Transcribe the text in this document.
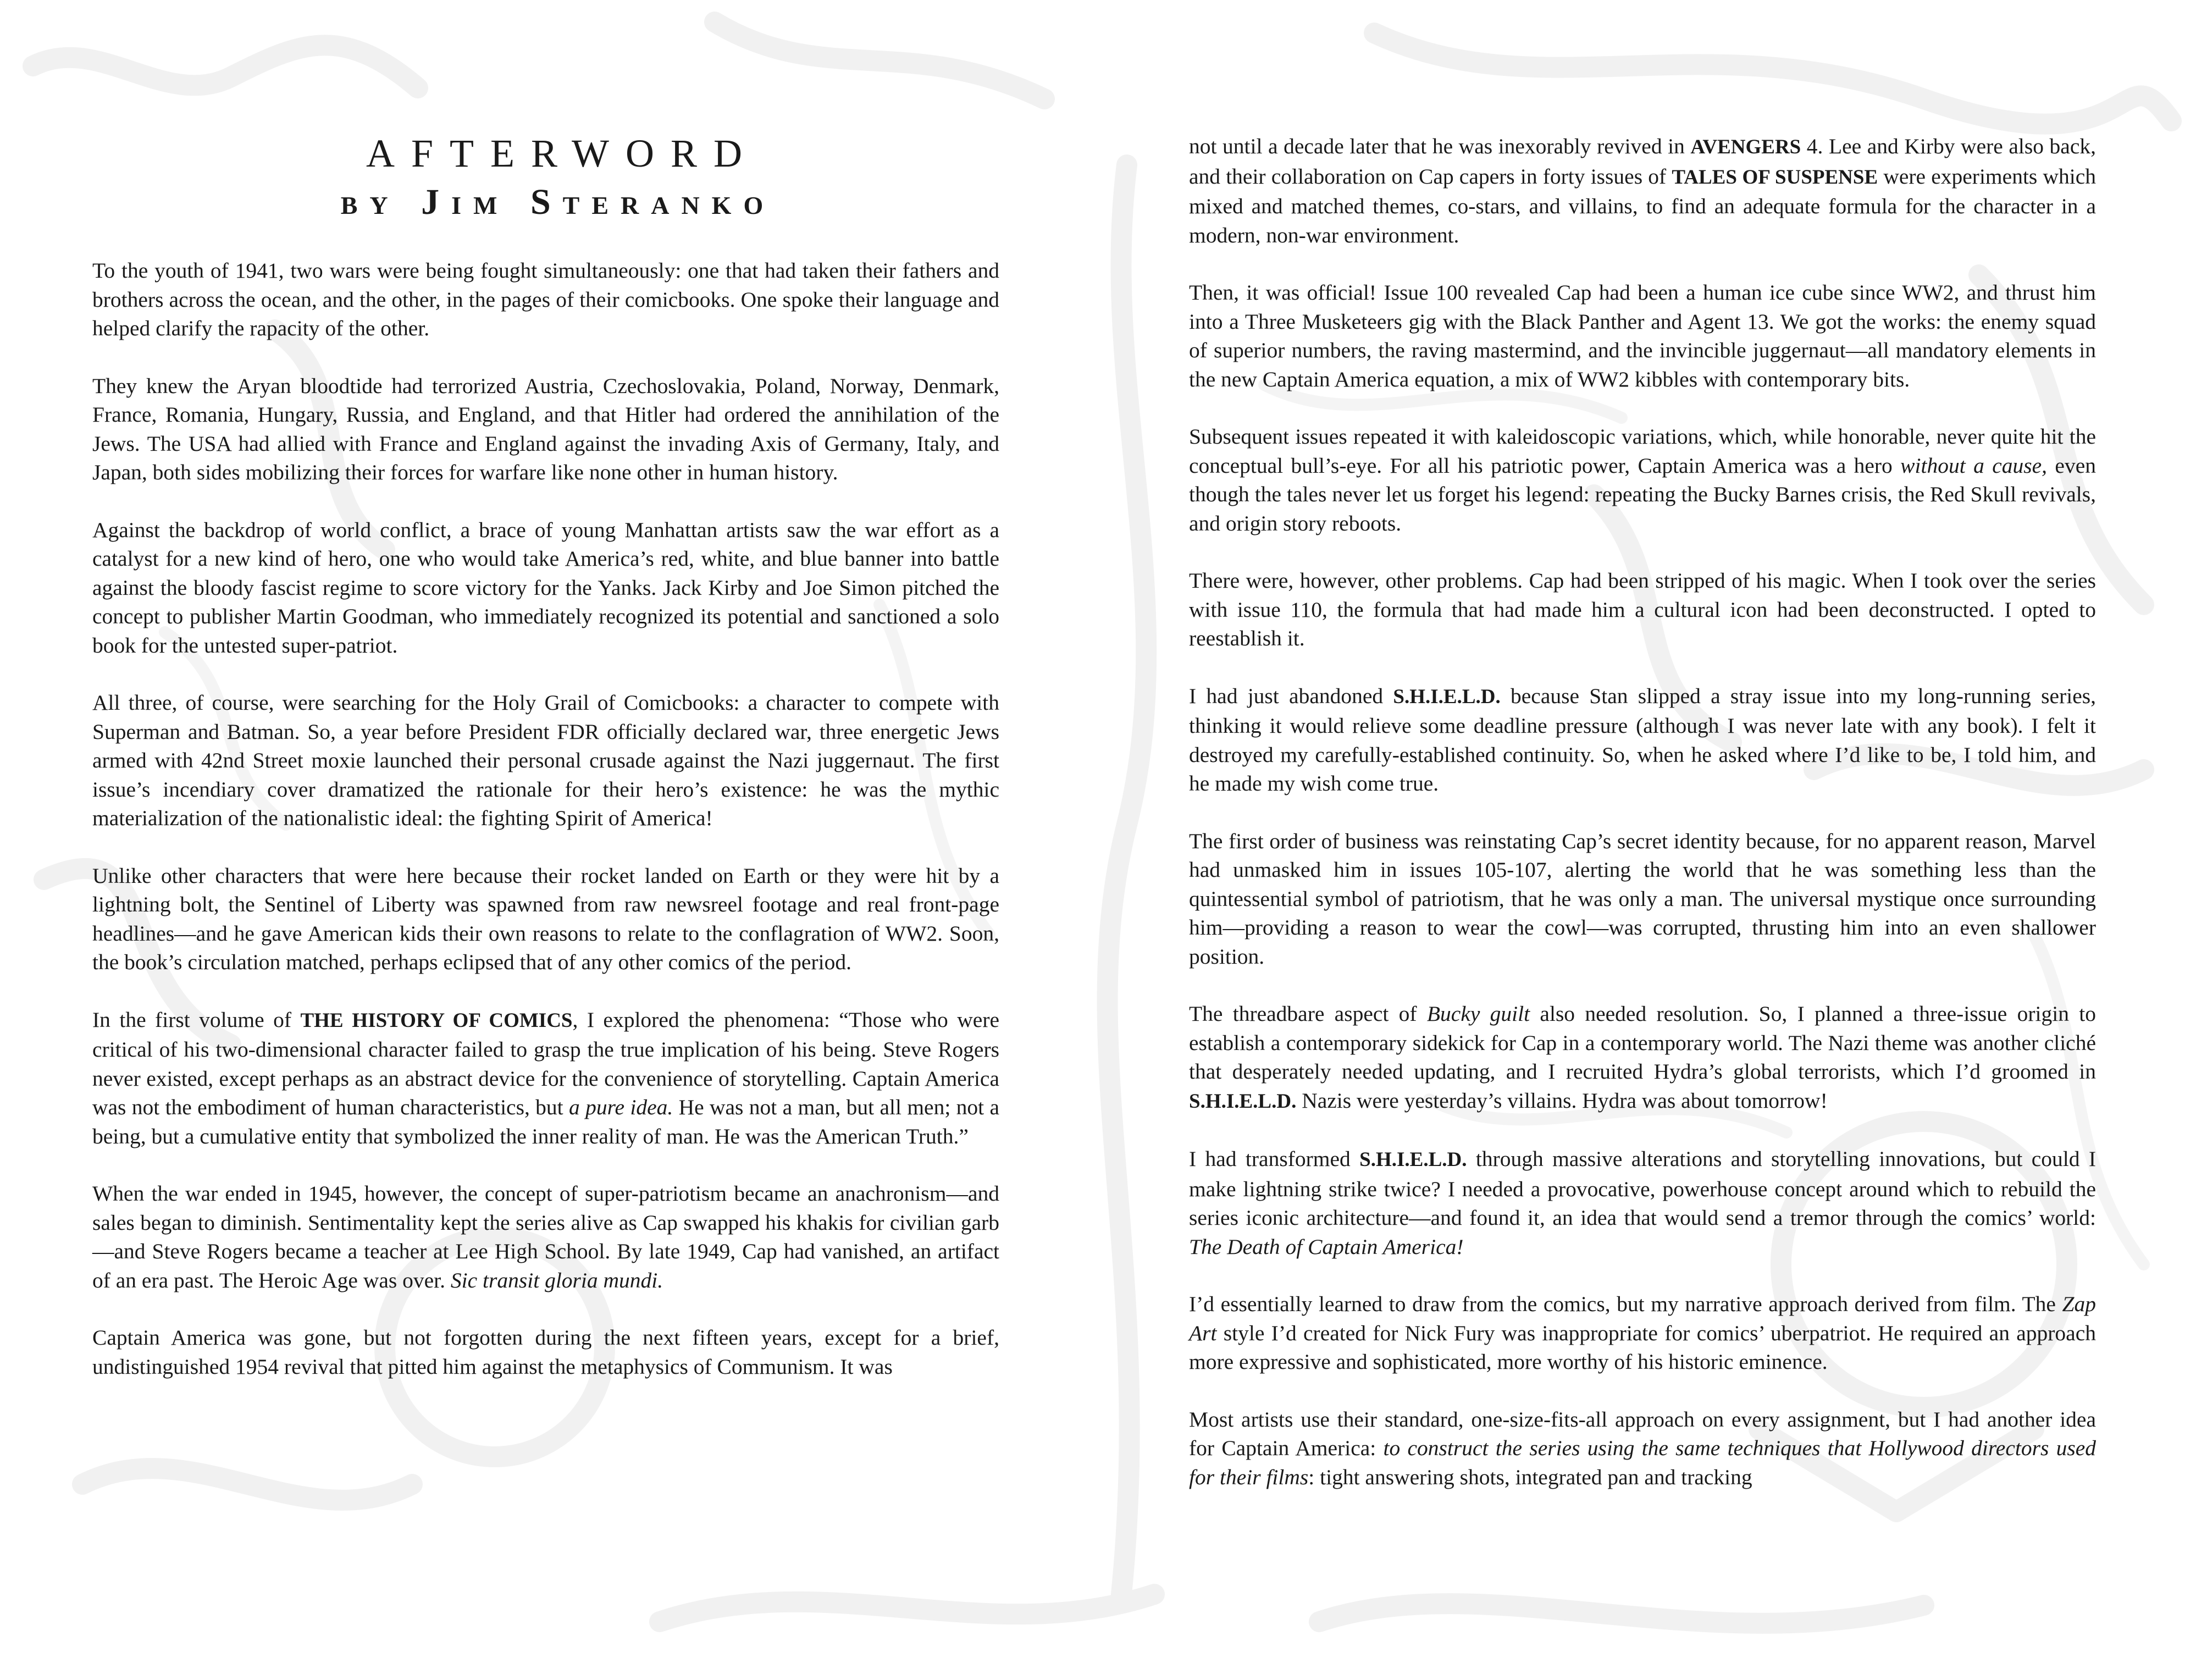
AFTERWORD
by Jim Steranko

To the youth of 1941, two wars were being fought simultaneously: one that had taken their fathers and brothers across the ocean, and the other, in the pages of their comicbooks. One spoke their language and helped clarify the rapacity of the other.

They knew the Aryan bloodtide had terrorized Austria, Czechoslovakia, Poland, Norway, Denmark, France, Romania, Hungary, Russia, and England, and that Hitler had ordered the annihilation of the Jews. The USA had allied with France and England against the invading Axis of Germany, Italy, and Japan, both sides mobilizing their forces for warfare like none other in human history.

Against the backdrop of world conflict, a brace of young Manhattan artists saw the war effort as a catalyst for a new kind of hero, one who would take America’s red, white, and blue banner into battle against the bloody fascist regime to score victory for the Yanks. Jack Kirby and Joe Simon pitched the concept to publisher Martin Goodman, who immediately recognized its potential and sanctioned a solo book for the untested super-patriot.

All three, of course, were searching for the Holy Grail of Comicbooks: a character to compete with Superman and Batman. So, a year before President FDR officially declared war, three energetic Jews armed with 42nd Street moxie launched their personal crusade against the Nazi juggernaut. The first issue’s incendiary cover dramatized the rationale for their hero’s existence: he was the mythic materialization of the nationalistic ideal: the fighting Spirit of America!

Unlike other characters that were here because their rocket landed on Earth or they were hit by a lightning bolt, the Sentinel of Liberty was spawned from raw newsreel footage and real front-page headlines—and he gave American kids their own reasons to relate to the conflagration of WW2. Soon, the book’s circulation matched, perhaps eclipsed that of any other comics of the period.

In the first volume of THE HISTORY OF COMICS, I explored the phenomena: “Those who were critical of his two-dimensional character failed to grasp the true implication of his being. Steve Rogers never existed, except perhaps as an abstract device for the convenience of storytelling. Captain America was not the embodiment of human characteristics, but a pure idea. He was not a man, but all men; not a being, but a cumulative entity that symbolized the inner reality of man. He was the American Truth.”

When the war ended in 1945, however, the concept of super-patriotism became an anachronism—and sales began to diminish. Sentimentality kept the series alive as Cap swapped his khakis for civilian garb—and Steve Rogers became a teacher at Lee High School. By late 1949, Cap had vanished, an artifact of an era past. The Heroic Age was over. Sic transit gloria mundi.

Captain America was gone, but not forgotten during the next fifteen years, except for a brief, undistinguished 1954 revival that pitted him against the metaphysics of Communism. It was

not until a decade later that he was inexorably revived in AVENGERS 4. Lee and Kirby were also back, and their collaboration on Cap capers in forty issues of TALES OF SUSPENSE were experiments which mixed and matched themes, co-stars, and villains, to find an adequate formula for the character in a modern, non-war environment.

Then, it was official! Issue 100 revealed Cap had been a human ice cube since WW2, and thrust him into a Three Musketeers gig with the Black Panther and Agent 13. We got the works: the enemy squad of superior numbers, the raving mastermind, and the invincible juggernaut—all mandatory elements in the new Captain America equation, a mix of WW2 kibbles with contemporary bits.

Subsequent issues repeated it with kaleidoscopic variations, which, while honorable, never quite hit the conceptual bull’s-eye. For all his patriotic power, Captain America was a hero without a cause, even though the tales never let us forget his legend: repeating the Bucky Barnes crisis, the Red Skull revivals, and origin story reboots.

There were, however, other problems. Cap had been stripped of his magic. When I took over the series with issue 110, the formula that had made him a cultural icon had been deconstructed. I opted to reestablish it.

I had just abandoned S.H.I.E.L.D. because Stan slipped a stray issue into my long-running series, thinking it would relieve some deadline pressure (although I was never late with any book). I felt it destroyed my carefully-established continuity. So, when he asked where I’d like to be, I told him, and he made my wish come true.

The first order of business was reinstating Cap’s secret identity because, for no apparent reason, Marvel had unmasked him in issues 105-107, alerting the world that he was something less than the quintessential symbol of patriotism, that he was only a man. The universal mystique once surrounding him—providing a reason to wear the cowl—was corrupted, thrusting him into an even shallower position.

The threadbare aspect of Bucky guilt also needed resolution. So, I planned a three-issue origin to establish a contemporary sidekick for Cap in a contemporary world. The Nazi theme was another cliché that desperately needed updating, and I recruited Hydra’s global terrorists, which I’d groomed in S.H.I.E.L.D. Nazis were yesterday’s villains. Hydra was about tomorrow!

I had transformed S.H.I.E.L.D. through massive alterations and storytelling innovations, but could I make lightning strike twice? I needed a provocative, powerhouse concept around which to rebuild the series iconic architecture—and found it, an idea that would send a tremor through the comics’ world: The Death of Captain America!

I’d essentially learned to draw from the comics, but my narrative approach derived from film. The Zap Art style I’d created for Nick Fury was inappropriate for comics’ uberpatriot. He required an approach more expressive and sophisticated, more worthy of his historic eminence.

Most artists use their standard, one-size-fits-all approach on every assignment, but I had another idea for Captain America: to construct the series using the same techniques that Hollywood directors used for their films: tight answering shots, integrated pan and tracking
